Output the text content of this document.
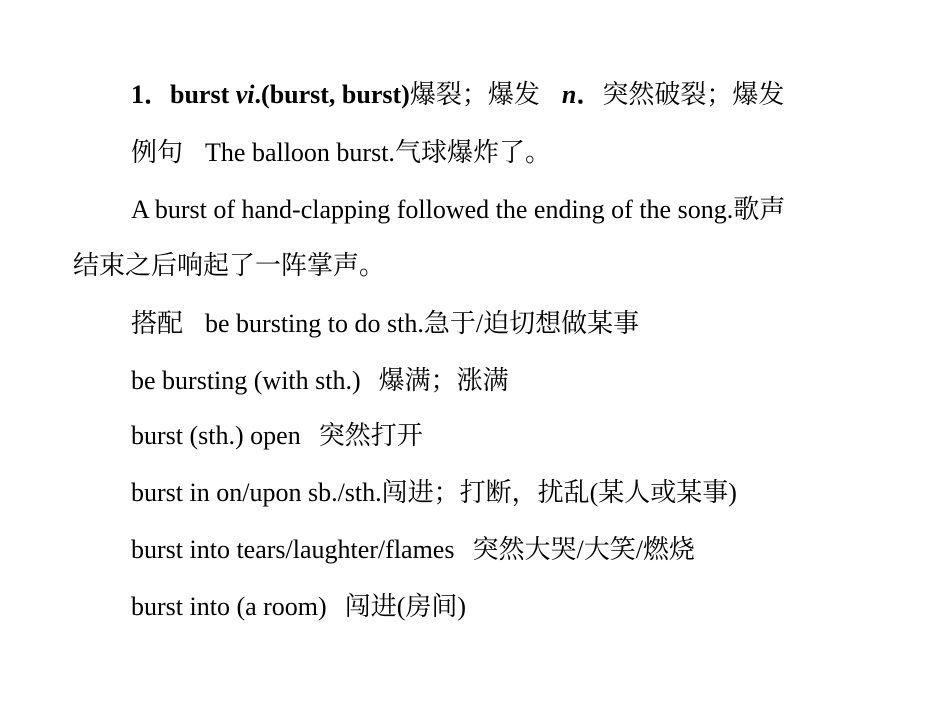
1．burst vi.(burst, burst)爆裂；爆发 n．突然破裂；爆发
例句 The balloon burst.气球爆炸了。
A burst of hand-clapping followed the ending of the song.歌声
结束之后响起了一阵掌声。
搭配 be bursting to do sth.急于/迫切想做某事
be bursting (with sth.) 爆满；涨满
burst (sth.) open 突然打开
burst in on/upon sb./sth.闯进；打断，扰乱(某人或某事)
burst into tears/laughter/flames 突然大哭/大笑/燃烧
burst into (a room) 闯进(房间)
